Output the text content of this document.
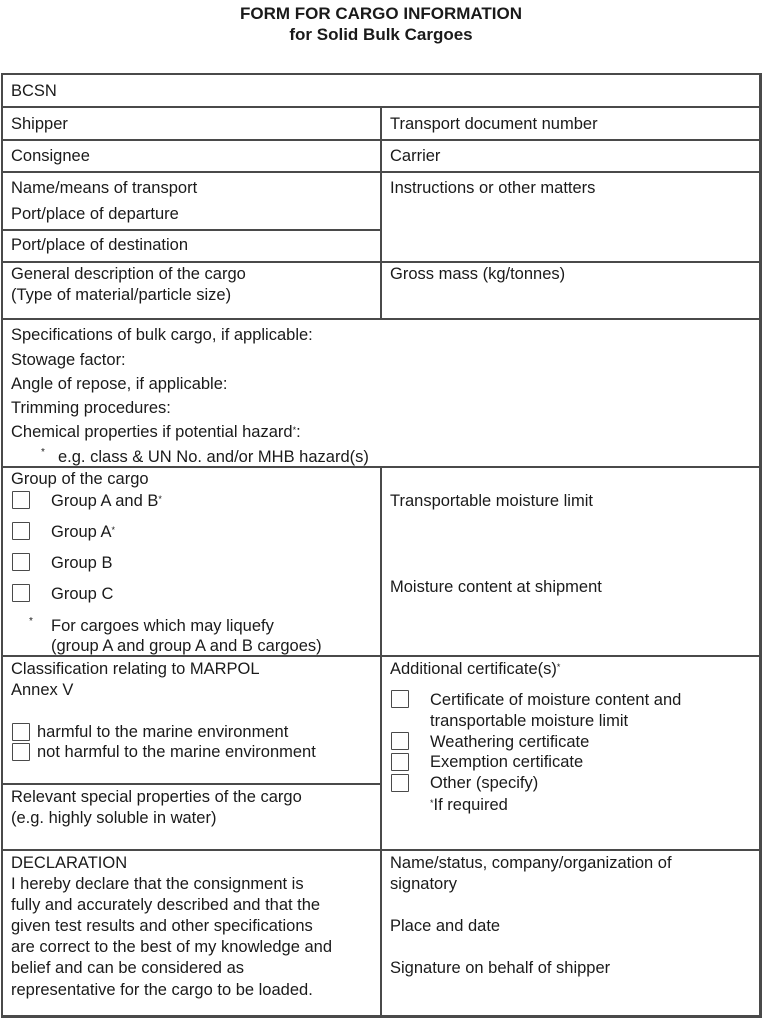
FORM FOR CARGO INFORMATION
for Solid Bulk Cargoes
BCSN
Shipper	Transport document number
Consignee	Carrier
Name/means of transport
Port/place of departure
Port/place of destination
Instructions or other matters
General description of the cargo
(Type of material/particle size)
Gross mass (kg/tonnes)
Specifications of bulk cargo, if applicable:
Stowage factor:
Angle of repose, if applicable:
Trimming procedures:
Chemical properties if potential hazard*:
* e.g. class & UN No. and/or MHB hazard(s)
Group of the cargo
Group A and B*
Group A*
Group B
Group C
* For cargoes which may liquefy
(group A and group A and B cargoes)
Transportable moisture limit
Moisture content at shipment
Classification relating to MARPOL
Annex V
harmful to the marine environment
not harmful to the marine environment
Relevant special properties of the cargo
(e.g. highly soluble in water)
Additional certificate(s)*
Certificate of moisture content and
transportable moisture limit
Weathering certificate
Exemption certificate
Other (specify)
*If required
DECLARATION
I hereby declare that the consignment is
fully and accurately described and that the
given test results and other specifications
are correct to the best of my knowledge and
belief and can be considered as
representative for the cargo to be loaded.
Name/status, company/organization of
signatory
Place and date
Signature on behalf of shipper
